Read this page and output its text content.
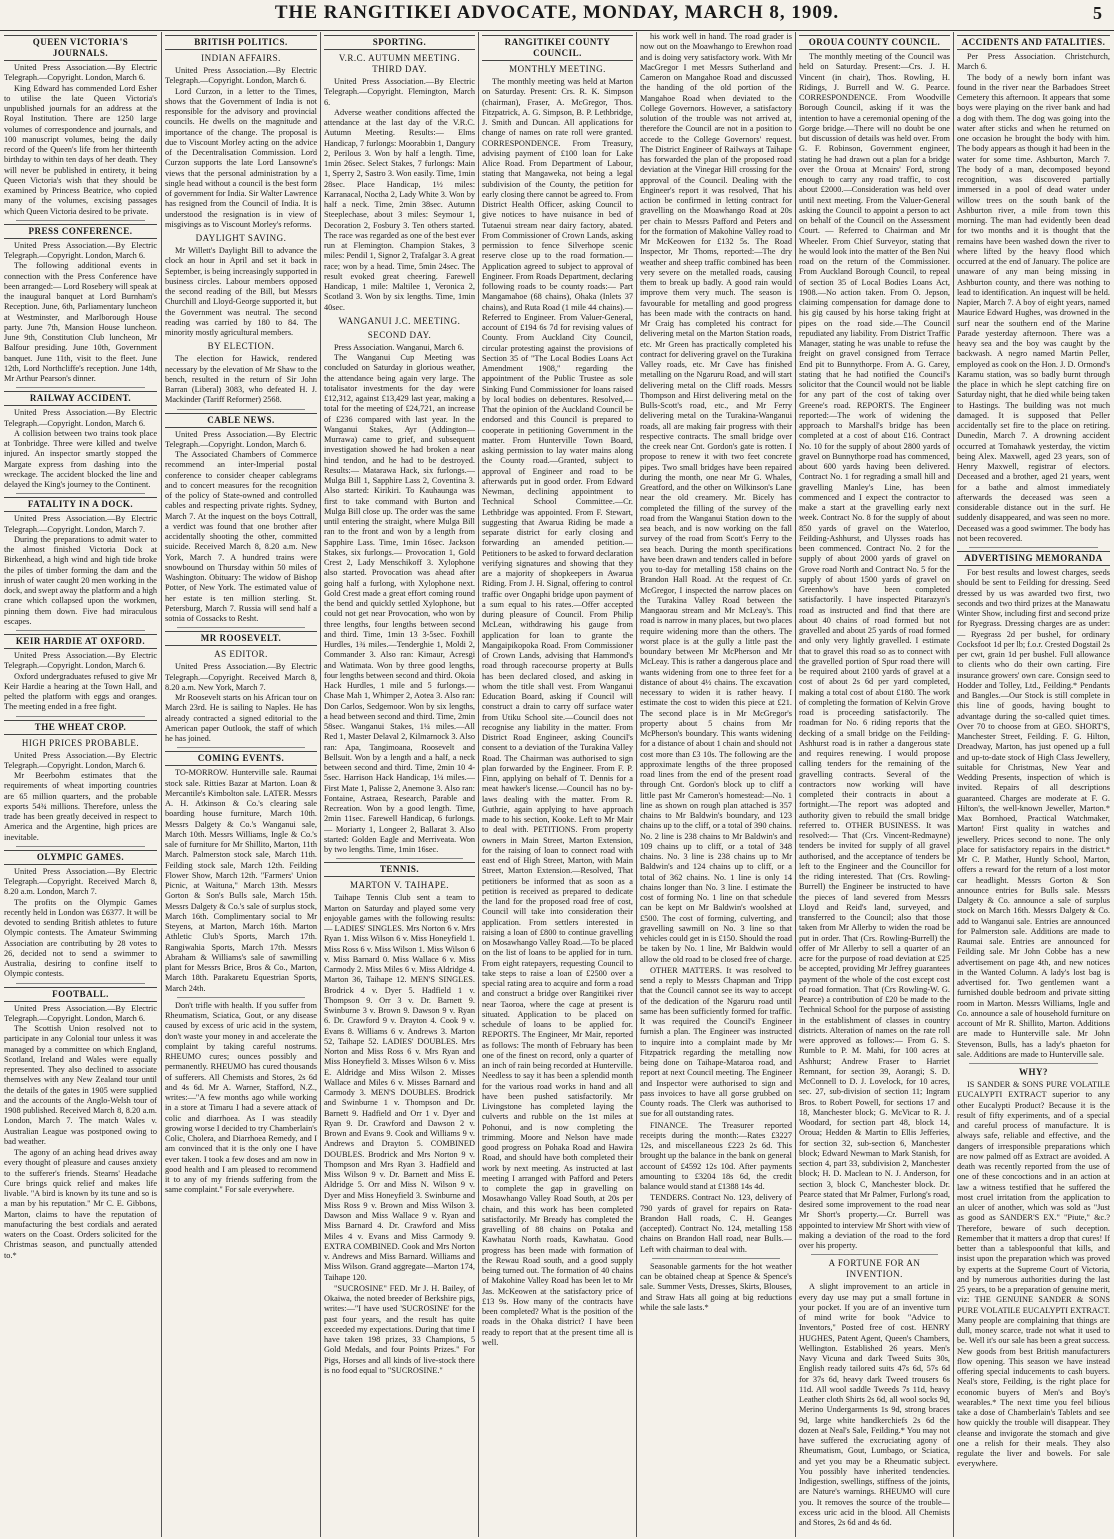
THE RANGITIKEI ADVOCATE, MONDAY, MARCH 8, 1909.	5
QUEEN VICTORIA'S JOURNALS.

United Press Association.—By Electric Telegraph.—Copyright. London, March 6.

King Edward has commended Lord Esher to utilise the late Queen Victoria's unpublished journals for an address at the Royal Institution. There are 1250 large volumes of correspondence and journals, and 100 manuscript volumes, being the daily record of the Queen's life from her thirteenth birthday to within ten days of her death. They will never be published in entirety, it being Queen Victoria's wish that they should be examined by Princess Beatrice, who copied many of the volumes, excising passages which Queen Victoria desired to be private.

PRESS CONFERENCE.

United Press Association.—By Electric Telegraph.—Copyright. London, March 6.

The following additional events in connection with the Press Conference have been arranged:— Lord Rosebery will speak at the inaugural banquet at Lord Burnham's Reception. June, 6th, Parliamentary luncheon at Westminster, and Marlborough House party. June 7th, Mansion House luncheon. June 9th, Constitution Club luncheon, Mr Balfour presiding. June 10th, Government banquet. June 11th, visit to the fleet. June 12th, Lord Northcliffe's reception. June 14th, Mr Arthur Pearson's dinner.

RAILWAY ACCIDENT.

United Press Association.—By Electric Telegraph.—Copyright. London, March 6.

A collision between two trains took place at Tonbridge. Three were killed and twelve injured. An inspector smartly stopped the Margate express from dashing into the wreckage. The accident blocked the line and delayed the King's journey to the Continent.

FATALITY IN A DOCK.

United Press Association.—By Electric Telegraph.—Copyright. London, March 7.

During the preparations to admit water to the almost finished Victoria Dock at Birkenhead, a high wind and high tide broke the piles of timber forming the dam and the inrush of water caught 20 men working in the dock, and swept away the platform and a high crane which collapsed upon the workmen, pinning them down. Five had miraculous escapes.

KEIR HARDIE AT OXFORD.

United Press Association.—By Electric Telegraph.—Copyright. London, March 6.

Oxford undergraduates refused to give Mr Keir Hardie a hearing at the Town Hall, and pelted the platform with eggs and oranges. The meeting ended in a free fight.

THE WHEAT CROP.
HIGH PRICES PROBABLE.

United Press Association.—By Electric Telegraph.—Copyright. London, March 6.

Mr Beerbohm estimates that the requirements of wheat importing countries are 65 million quarters, and the probable exports 54¾ millions. Therefore, unless the trade has been greatly deceived in respect to America and the Argentine, high prices are inevitable.

OLYMPIC GAMES.

United Press Association.—By Electric Telegraph.—Copyright. Received March 8, 8.20 a.m. London, March 7.

The profits on the Olympic Games recently held in London was £6377. It will be devoted to sending British athletes to future Olympic contests. The Amateur Swimming Association are contributing by 28 votes to 26, decided not to send a swimmer to Australia, desiring to confine itself to Olympic contests.

FOOTBALL.

United Press Association.—By Electric Telegraph.—Copyright. London, March 6.

The Scottish Union resolved not to participate in any Colonial tour unless it was managed by a committee on which England, Scotland, Ireland and Wales were equally represented. They also declined to associate themselves with any New Zealand tour until the details of the gates in 1905 were supplied and the accounts of the Anglo-Welsh tour of 1908 published. Received March 8, 8.20 a.m. London, March 7. The match Wales v. Australian League was postponed owing to bad weather.

The agony of an aching head drives away every thought of pleasure and causes anxiety to the sufferer's friends. Stearns' Headache Cure brings quick relief and makes life livable. "A bird is known by its tune and so is a man by his reputation." Mr C. E. Gibbons, Marton, claims to have the reputation of manufacturing the best cordials and aerated waters on the Coast. Orders solicited for the Christmas season, and punctually attended to.*

BRITISH POLITICS.
INDIAN AFFAIRS.

United Press Association.—By Electric Telegraph.—Copyright. London, March 6.

Lord Curzon, in a letter to the Times, shows that the Government of India is not responsible for the advisory and provincial councils. He dwells on the magnitude and importance of the change. The proposal is due to Viscount Morley acting on the advice of the Decentralisation Commission. Lord Curzon supports the late Lord Lansowne's views that the personal administration by a single head without a council is the best form of government for India. Sir Walter Lawrence has resigned from the Council of India. It is understood the resignation is in view of misgivings as to Viscount Morley's reforms.

DAYLIGHT SAVING.

Mr Willett's Daylight Bill to advance the clock an hour in April and set it back in September, is being increasingly supported in business circles. Labour members opposed the second reading of the Bill, but Messrs Churchill and Lloyd-George supported it, but the Government was neutral. The second reading was carried by 180 to 84. The minority mostly agricultural members.

BY ELECTION.

The election for Hawick, rendered necessary by the elevation of Mr Shaw to the bench, resulted in the return of Sir John Barran (Liberal) 3083, who defeated H. J. Mackinder (Tariff Reformer) 2568.

CABLE NEWS.

United Press Association.—By Electric Telegraph.—Copyright. London, March 6.

The Associated Chambers of Commerce recommend an inter-Imperial postal conference to consider cheaper cablegrams and to concert measures for the recognition of the policy of State-owned and controlled cables and respecting private rights. Sydney, March 7. At the inquest on the boys Cottrall, a verdict was found that one brother after accidentally shooting the other, committed suicide. Received March 8, 8.20 a.m. New York, March 7. A hundred trains were snowbound on Thursday within 50 miles of Washington. Obituary: The widow of Bishop Potter, of New York. The estimated value of her estate is ten million sterling. St. Petersburg, March 7. Russia will send half a sotnia of Cossacks to Resht.

MR ROOSEVELT.
AS EDITOR.

United Press Association.—By Electric Telegraph.—Copyright. Received March 8, 8.20 a.m. New York, March 7.

Mr Roosevelt starts on his African tour on March 23rd. He is sailing to Naples. He has already contracted a signed editorial to the American paper Outlook, the staff of which he has joined.

COMING EVENTS.

TO-MORROW. Hunterville sale. Raumai stock sale. Ritties Bazar at Marton. Loan & Mercantile's Kimbolton sale. LATER. Messrs A. H. Atkinson & Co.'s clearing sale boarding house furniture, March 10th. Messrs Dalgety & Co.'s Wanganui sale, March 10th. Messrs Williams, Ingle & Co.'s sale of furniture for Mr Shillito, Marton, 11th March. Palmerston stock sale, March 11th. Feilding stock sale, March 12th. Feilding Flower Show, March 12th. "Farmers' Union Picnic, at Waituna," March 13th. Messrs Gorton & Son's Bulls sale, March 15th. Messrs Dalgety & Co.'s sale of surplus stock, March 16th. Complimentary social to Mr Steyens, at Marton, March 16th. Marton Athletic Club's Sports, March 17th. Rangiwahia Sports, March 17th. Messrs Abraham & Williams's sale of sawmilling plant for Messrs Brice, Bros & Co., Marton, March 18th. Parakaretu Equestrian Sports, March 24th.

Don't trifle with health. If you suffer from Rheumatism, Sciatica, Gout, or any disease caused by excess of uric acid in the system, don't waste your money in and accelerate the complaint by taking careful nostrums. RHEUMO cures; ounces possibly and permanently. RHEUMO has cured thousands of sufferers. All Chemists and Stores, 2s 6d and 4s 6d. Mr A. Warner, Stafford, N.Z., writes:—"A few months ago while working in a store at Timaru I had a severe attack of colic and diarrhoea. As I was steadily growing worse I decided to try Chamberlain's Colic, Cholera, and Diarrhoea Remedy, and I am convinced that it is the only one I have ever taken. I took a few doses and am now in good health and I am pleased to recommend it to any of my friends suffering from the same complaint." For sale everywhere.

SPORTING.
V.R.C. AUTUMN MEETING. THIRD DAY.

United Press Association.—By Electric Telegraph.—Copyright. Flemington, March 6.

Adverse weather conditions affected the attendance at the last day of the V.R.C. Autumn Meeting. Results:— Elms Handicap, 7 furlongs: Moorabbin 1, Dangury 2, Perilous 3. Won by half a length. Time, 1min 26sec. Select Stakes, 7 furlongs: Main 1, Sperry 2, Sastro 3. Won easily. Time, 1min 28sec. Place Handicap, 1½ miles: Karranacal, Noctha 2, Lady White 3. Won by half a neck. Time, 2min 38sec. Autumn Steeplechase, about 3 miles: Seymour 1, Decoration 2, Fosbury 3. Ten others started. The race was regarded as one of the best ever run at Flemington. Champion Stakes, 3 miles: Pendil 1, Signor 2, Trafalgar 3. A great race; won by a head. Time, 5min 24sec. The result evoked great cheering. Farewell Handicap, 1 mile: Maltilee 1, Veronica 2, Scotland 3. Won by six lengths. Time, 1min 40sec.

WANGANUI J.C. MEETING.
SECOND DAY.

Press Association. Wanganui, March 6.

The Wanganui Cup Meeting was concluded on Saturday in glorious weather, the attendance being again very large. The totalisator investments for the day were £12,312, against £13,429 last year, making a total for the meeting of £24,721, an increase of £236 compared with last year. In the Wanganui Stakes, Ayr (Addington—Murrawa) came to grief, and subsequent investigation showed he had broken a near hind tendon, and he had to be destroyed. Results:— Matarawa Hack, six furlongs.— Mulga Bill 1, Sapphire Lass 2, Coventina 3. Also started: Kirikiri. To Kauhaunga was first to take command with Burton and Mulga Bill close up. The order was the same until entering the straight, where Mulga Bill ran to the front and won by a length from Sapphire Lass. Time, 1min 16sec. Jackson Stakes, six furlongs.— Provocation 1, Gold Crest 2, Lady Menschikoff 3. Xylophone also started. Provocation was ahead after going half a furlong, with Xylophone next. Gold Crest made a great effort coming round the bend and quickly settled Xylophone, but could not get near Provocation, who won by three lengths, four lengths between second and third. Time, 1min 13 3-5sec. Foxhill Hurdles, 1¾ miles.—Tenderghie 1, Moldi 2, Commander 3. Also ran: Kimaur, Acresgi and Watimata. Won by three good lengths, four lengths between second and third. Okoia Hack Hurdles, 1 mile and 5 furlongs.—Chase Mah 1, Whimper 2, Aotea 3. Also ran: Don Carlos, Sedgemoor. Won by six lengths, a head between second and third. Time, 2min 58sec. Wanganui Stakes, 1¼ miles.—All Red 1, Master Delaval 2, Kilmarnock 3. Also ran: Apa, Tangimoana, Roosevelt and Bellsuit. Won by a length and a half, a neck between second and third. Time, 2min 10 4-5sec. Harrison Hack Handicap, 1¼ miles.—First Mate 1, Palisse 2, Anemone 3. Also ran: Fontaine, Astraea, Research, Parable and Recreation. Won by a good length. Time, 2min 11sec. Farewell Handicap, 6 furlongs.— Moriarty 1, Longeer 2, Ballarat 3. Also started: Golden Eagle and Merriveata. Won by two lengths. Time, 1min 16sec.

TENNIS.
MARTON V. TAIHAPE.

Taihape Tennis Club sent a team to Marton on Saturday and played some very enjoyable games with the following results:— LADIES' SINGLES. Mrs Norton 6 v. Mrs Ryan 1. Miss Wilson 6 v. Miss Honeyfield 1. Miss Ross 6 v. Miss Wilson 1. Miss Wilson 6 v. Miss Barnard 0. Miss Wallace 6 v. Miss Carmody 2. Miss Miles 6 v. Miss Aldridge 4. Marton 36, Taihape 12. MEN'S SINGLES. Brodrick 4 v. Dyer 5. Hadfield 1 v. Thompson 9. Orr 3 v. Dr. Barnett 9. Swinburne 3 v. Brown 9. Dawson 9 v. Ryan 6. Dr. Crawford 9 v. Drayton 4. Cook 9 v. Evans 8. Williams 6 v. Andrews 3. Marton 52, Taihape 52. LADIES' DOUBLES. Mrs Norton and Miss Ross 6 v. Mrs Ryan and Miss Honeyfield 3. Misses Wilson 6 v. Miss E. Aldridge and Miss Wilson 2. Misses Wallace and Miles 6 v. Misses Barnard and Carmody 3. MEN'S DOUBLES. Brodrick and Swinburne 1 v. Thompson and Dr. Barnett 9. Hadfield and Orr 1 v. Dyer and Ryan 9. Dr. Crawford and Dawson 2 v. Brown and Evans 9. Cook and Williams 9 v. Andrews and Drayton 5. COMBINED DOUBLES. Brodrick and Mrs Norton 9 v. Thompson and Mrs Ryan 3. Hadfield and Miss Wilson 9 v. Dr. Barnett and Miss E. Aldridge 5. Orr and Miss N. Wilson 9 v. Dyer and Miss Honeyfield 3. Swinburne and Miss Ross 9 v. Brown and Miss Wilson 3. Dawson and Miss Wallace 9 v. Ryan and Miss Barnard 4. Dr. Crawford and Miss Miles 4 v. Evans and Miss Carmody 9. EXTRA COMBINED. Cook and Mrs Norton v. Andrews and Miss Barnard. Williams and Miss Wilson. Grand aggregate—Marton 174, Taihape 120.

"SUCROSINE" FED. Mr J. H. Bailey, of Okaiwa, the noted breeder of Berkshire pigs, writes:—"I have used 'SUCROSINE' for the past four years, and the result has quite exceeded my expectations. During that time I have taken 198 prizes, 33 Champions, 5 Gold Medals, and four Points Prizes." For Pigs, Horses and all kinds of live-stock there is no food equal to "SUCROSINE."

RANGITIKEI COUNTY COUNCIL.
MONTHLY MEETING.

The monthly meeting was held at Marton on Saturday. Present: Crs. R. K. Simpson (chairman), Fraser, A. McGregor, Thos. Fitzpatrick, A. G. Simpson, B. P. Lethbridge, J. Smith and Duncan. All applications for change of names on rate roll were granted. CORRESPONDENCE. From Treasury, advising payment of £100 loan for Lake Alice Road. From Department of Labour, stating that Mangaweka, not being a legal subdivision of the County, the petition for early closing there cannot be agreed to. From District Health Officer, asking Council to give notices to have nuisance in bed of Tutaenui stream near dairy factory, abated. From Commissioner of Crown Lands, asking permission to fence Silverhope scenic reserve close up to the road formation.—Application agreed to subject to approval of Engineer. From Roads Department, declaring following roads to be county roads:— Part Mangamahoe (68 chains), Ohaka (Inlets 37 chains), and Ruta Road (1 mile 44 chains).—Referred to Engineer. From Valuer-General, account of £194 6s 7d for revising values of County. From Auckland City Council, circular protesting against the provisions of Section 35 of "The Local Bodies Loans Act Amendment 1908," regarding the appointment of the Public Trustee as sole Sinking Fund Commissioner for loans raised by local bodies on debentures. Resolved,—That the opinion of the Auckland Council be endorsed and this Council is prepared to cooperate in petitioning Government in the matter. From Hunterville Town Board, asking permission to lay water mains along the County road.—Granted, subject to approval of Engineer and road to be afterwards put in good order. From Edward Newman, declining appointment to Technical School Committee.—Cr. Lethbridge was appointed. From F. Stewart, suggesting that Awarua Riding be made a separate district for early closing and forwarding an amended petition.—Petitioners to be asked to forward declaration verifying signatures and showing that they are a majority of shopkeepers in Awarua Riding. From J. H. Signal, offering to control traffic over Ongaphi bridge upon payment of a sum equal to his rates.—Offer accepted during pleasure of Council. From Philip McLean, withdrawing his gauge from application for loan to grante the Mangaipikopoka Road. From Commissioner of Crown Lands, advising that Hammond's road through racecourse property at Bulls has been declared closed, and asking in whom the title shall vest. From Wanganui Education Board, asking if Council will construct a drain to carry off surface water from Utiku School site.—Council does not recognise any liability in the matter. From District Road Engineer, asking Council's consent to a deviation of the Turakina Valley Road. The Chairman was authorised to sign plan forwarded by the Engineer. From F. P. Finn, applying on behalf of T. Dennis for a meat hawker's license.—Council has no by-laws dealing with the matter. From R. Guthrie, again applying to have approach made to his section, Kooke. Left to Mr Mair to deal with. PETITIONS. From property owners in Main Street, Marton Extension, for the raising of loan to connect road with east end of High Street, Marton, with Main Street, Marton Extension.—Resolved, That petitioners be informed that as soon as a petition is received as prepared to dedicate the land for the proposed road free of cost, Council will take into consideration their application. From settlers interested in raising a loan of £800 to continue gravelling on Mosawhango Valley Road.—To be placed on the list of loans to be applied for in turn. From eight ratepayers, requesting Council to take steps to raise a loan of £2500 over a special rating area to acquire and form a road and construct a bridge over Rangitikei river near Taoroa, where the cage at present is situated. Application to be placed on schedule of loans to be applied for. REPORTS. The Engineer, Mr Mair, reported as follows: The month of February has been one of the finest on record, only a quarter of an inch of rain being recorded at Hunterville. Needless to say it has been a splendid month for the various road works in hand and all have been pushed satisfactorily. Mr Livingstone has completed laying the culverts and rubble on the 1st miles at Pohonui, and is now completing the trimming. Moore and Nelson have made good progress on Pohaka Road and Hawira Road, and should have both completed their work by next meeting. As instructed at last meeting I arranged with Pafford and Peters to complete the gap in gravelling on Mosawhango Valley Road South, at 20s per chain, and this work has been completed satisfactorily. Mr Bready has completed the gravelling of 88 chains on Potaka and Kawhatau North roads, Kawhatau. Good progress has been made with formation of the Rewau Road south, and a good supply being turned out. The formation of 40 chains of Makohine Valley Road has been let to Mr Jas. McKeowen at the satisfactory price of £13 9s. How many of the contracts have been completed? What is the position of the roads in the Ohaka district? I have been ready to report that at the present time all is well.

his work well in hand. The road grader is now out on the Moawhango to Erewhon road and is doing very satisfactory work. With Mr MacGregor I met Messrs Sutherland and Cameron on Mangahoe Road and discussed the handing of the old portion of the Mangahoe Road when deviated to the College Governors. However, a satisfactory solution of the trouble was not arrived at, therefore the Council are not in a position to accede to the College Governors' request. The District Engineer of Railways at Taihape has forwarded the plan of the proposed road deviation at the Vinegar Hill crossing for the approval of the Council. Dealing with the Engineer's report it was resolved, That his action be confirmed in letting contract for gravelling on the Moawhango Road at 20s per chain to Messrs Pafford and Peters and for the formation of Makohine Valley road to Mr McKeowen for £132 5s. The Road Inspector, Mr Thoms, reported:—The dry weather and sheep traffic combined has been very severe on the metalled roads, causing them to break up badly. A good rain would improve them very much. The season is favourable for metalling and good progress has been made with the contracts on hand. Mr Craig has completed his contract for delivering metal on the Marton Station roads, etc. Mr Green has practically completed his contract for delivering gravel on the Turakina Valley roads, etc. Mr Cave has finished metalling on the Ngaruru Road, and will start delivering metal on the Cliff roads. Messrs Thompson and Hirst delivering metal on the Bulls-Scott's road, etc., and Mr Ferry delivering metal on the Turakina-Wanganui roads, all are making fair progress with their respective contracts. The small bridge over the creek near Cnt. Gordon's gate is rotten. I propose to renew it with two feet concrete pipes. Two small bridges have been repaired during the month, one near Mr G. Whales, Greatford, and the other on Wilkinson's Lane near the old creamery. Mr. Bicely has completed the filling of the survey of the road from the Wanganui Station down to the sea beach, and is now working on the fall survey of the road from Scott's Ferry to the sea beach. During the month specifications have been drawn and tenders called in before you to-day for metalling 158 chains on the Brandon Hall Road. At the request of Cr. McGregor, I inspected the narrow places on the Turakina Valley Road between the Mangaorau stream and Mr McLeay's. This road is narrow in many places, but two places require widening more than the others. The worst place is at the gully a little past the boundary between Mr McPherson and Mr McLeay. This is rather a dangerous place and wants widening from one to three feet for a distance of about 4½ chains. The excavation necessary to widen it is rather heavy. I estimate the cost to widen this piece at £21. The second place is in Mr McGregor's property about 5 chains from Mr McPherson's boundary. This wants widening for a distance of about 1 chain and should not cost more than £3 10s. The following are the approximate lengths of the three proposed road lines from the end of the present road through Cnt. Gordon's block up to cliff a little past Mr Cameron's homestead:—No. 1 line as shown on rough plan attached is 357 chains to Mr Baldwin's boundary, and 123 chains up to the cliff, or a total of 390 chains. No. 2 line is 238 chains to Mr Baldwin's and 109 chains up to cliff, or a total of 348 chains. No. 3 line is 238 chains up to Mr Baldwin's and 124 chains up to cliff, or a total of 362 chains. No. 1 line is only 14 chains longer than No. 3 line. I estimate the cost of forming No. 1 line on that schedule can be kept on Mr Baldwin's woolshed at £500. The cost of forming, culverting, and gravelling sawmill on No. 3 line so that vehicles could get in is £150. Should the road be taken by No. 1 line, Mr Baldwin would allow the old road to be closed free of charge.

OTHER MATTERS. It was resolved to send a reply to Messrs Chapman and Tripp that the Council cannot see its way to accept of the dedication of the Ngaruru road until same has been sufficiently formed for traffic. It was required the Council's Engineer furnish a plan. The Engineer was instructed to inquire into a complaint made by Mr Fitzpatrick regarding the metalling now being done on Taihape-Mataroa road, and report at next Council meeting. The Engineer and Inspector were authorised to sign and pass invoices to have all gorse grubbed on County roads. The Clerk was authorised to sue for all outstanding rates.

FINANCE. The Treasurer reported receipts during the month:—Rates £3227 12s, and miscellaneous £223 2s 6d. This brought up the balance in the bank on general account of £4592 12s 10d. After payments amounting to £3204 18s 6d, the credit balance would stand at £1388 14s 4d.

TENDERS. Contract No. 123, delivery of 790 yards of gravel for repairs on Rata-Brandon Hall roads, C. H. Geanges (accepted). Contract No. 124, metalling 158 chains on Brandon Hall road, near Bulls.—Left with chairman to deal with.

Seasonable garments for the hot weather can be obtained cheap at Spence & Spence's sale. Summer Vests, Dresses, Skirts, Blouses, and Straw Hats all going at big reductions while the sale lasts.*

OROUA COUNTY COUNCIL.

The monthly meeting of the Council was held on Saturday. Present:—Crs. J. H. Vincent (in chair), Thos. Rowling, H. Ridings, J. Burrell and W. G. Pearce. CORRESPONDENCE. From Woodville Borough Council, asking if it was the intention to have a ceremonial opening of the Gorge bridge.—There will no doubt be one but discussion of details was held over. From G. F. Robinson, Government engineer, stating he had drawn out a plan for a bridge over the Oroua at Mcnairs' Ford, strong enough to carry any road traffic, to cost about £2000.—Consideration was held over until next meeting. From the Valuer-General asking the Council to appoint a person to act on behalf of the Council on the Assessment Court. — Referred to Chairman and Mr Wheeler. From Chief Surveyor, stating that he would look into the matter of the Ben Nui road on the return of the Commissioner. From Auckland Borough Council, to repeal of section 35 of Local Bodies Loans Act, 1908.—No action taken. From O. Jepson, claiming compensation for damage done to his gig caused by his horse taking fright at pipes on the road side.—The Council repudiated any liability. From District Traffic Manager, stating he was unable to refuse the freight on gravel consigned from Terrace End pit to Bunnythorpe. From A. G. Carey, stating that he had notified the Council's solicitor that the Council would not be liable for any part of the cost of taking over Greene's road. REPORTS. The Engineer reported:—The work of widening the approach to Marshall's bridge has been completed at a cost of about £16. Contract No. 10 for the supply of about 2800 yards of gravel on Bunnythorpe road has commenced, about 600 yards having been delivered. Contract No. 1 for regrading a small hill and gravelling Manley's Line, has been commenced and I expect the contractor to make a start at the gravelling early next week. Contract No. 8 for the supply of about 850 yards of gravel on the Waterloo, Feilding-Ashhurst, and Ulysses roads has been commenced. Contract No. 2 for the supply of about 2000 yards of gravel on Grove road North and Contract No. 5 for the supply of about 1500 yards of gravel on Greenhow's have been completed satisfactorily. I have inspected Pitarazyn's road as instructed and find that there are about 40 chains of road formed but not gravelled and about 25 yards of road formed and only very lightly gravelled. I estimate that to gravel this road so as to connect with the gravelled portion of Spur road there will be required about 2100 yards of gravel at a cost of about 2s 6d per yard completed, making a total cost of about £180. The work of completing the formation of Kelvin Grove road is proceeding satisfactorily. The roadman for No. 6 riding reports that the decking of a small bridge on the Feilding-Ashhurst road is in rather a dangerous state and requires renewing. I would propose calling tenders for the remaining of the gravelling contracts. Several of the contractors now working will have completed their contracts in about a fortnight.—The report was adopted and authority given to rebuild the small bridge referred to. OTHER BUSINESS. It was resolved:— That (Crs. Vincent-Redmayne) tenders be invited for supply of all gravel authorised, and the acceptance of tenders be left to the Engineer and the Councillor for the riding interested. That (Crs. Rowling-Burrell) the Engineer be instructed to have the pieces of land severed from Messrs Lloyd and Reid's land, surveyed, and transferred to the Council; also that those taken from Mr Allerby to widen the road be put in order. That (Crs. Rowling-Burrell) the offer of Mr Allerby to sell a quarter of an acre for the purpose of road deviation at £25 be accepted, providing Mr Jeffrey guarantees payment of the whole of the cost except cost of road formation. That (Crs Rowling-W. G. Pearce) a contribution of £20 be made to the Technical School for the purpose of assisting in the establishment of classes in country districts. Alteration of names on the rate roll were approved as follows:— From G. S. Rumble to P. M. Mahi, for 100 acres at Ashhurst; Andrew Fraser to Harriet Remnant, for section 39, Aorangi; S. D. McConnell to D. J. Lovelock, for 10 acres, sec. 27, sub-division of section 11; Ingram Bros. to Robert Powell, for sections 17 and 18, Manchester block; G. McVicar to R. J. Woodard, for section part 48, block 14, Oroua; Hedden & Martin to Ellis Jefferies, for section 32, sub-section 6, Manchester block; Edward Newman to Mark Stanish, for section 4, part 33, subdivision 2, Manchester block; H. D. Maclean to N. J. Anderson, for section 3, block C, Manchester block. Dr. Pearce stated that Mr Palmer, Furlong's road, desired some improvement to the road near Mr Short's property.—Cr. Burrell was appointed to interview Mr Short with view of making a deviation of the road to the ford over his property.

A FORTUNE FOR AN INVENTION.

A slight improvement to an article in every day use may put a small fortune in your pocket. If you are of an inventive turn of mind write for book "Advice to Inventors," Posted free of cost. HENRY HUGHES, Patent Agent, Queen's Chambers, Wellington. Established 26 years. Men's Navy Vicuna and dark Tweed Suits 30s, English ready tailored suits 47s 6d, 57s 6d for 37s 6d, heavy dark Tweed trousers 6s 11d. All wool saddle Tweeds 7s 11d, heavy Leather cloth Shirts 2s 6d, all wool socks 9d, Merino Undergarments 1s 9d, strong braces 9d, large white handkerchiefs 2s 6d the dozen at Neal's Sale, Feilding.* You may not have suffered the excruciating agony of Rheumatism, Gout, Lumbago, or Sciatica, and yet you may be a Rheumatic subject. You possibly have inherited tendencies. Indigestion, swellings, stiffness of the joints, are Nature's warnings. RHEUMO will cure you. It removes the source of the trouble—excess uric acid in the blood. All Chemists and Stores, 2s 6d and 4s 6d.

ACCIDENTS AND FATALITIES.

Per Press Association. Christchurch, March 6.

The body of a newly born infant was found in the river near the Barbadoes Street Cemetery this afternoon. It appears that some boys were playing on the river bank and had a dog with them. The dog was going into the water after sticks and when he returned on one occasion he brought the body with him. The body appears as though it had been in the water for some time. Ashburton, March 7. The body of a man, decomposed beyond recognition, was discovered partially immersed in a pool of dead water under willow trees on the south bank of the Ashburton river, a mile from town this morning. The man had evidently been dead for two months and it is thought that the remains have been washed down the river to where lifted by the heavy flood which occurred at the end of January. The police are unaware of any man being missing in Ashburton county, and there was nothing to lead to identification. An inquest will be held. Napier, March 7. A boy of eight years, named Maurice Edward Hughes, was drowned in the surf near the southern end of the Marine Parade yesterday afternoon. There was a heavy sea and the boy was caught by the backwash. A negro named Martin Peller, employed as cook on the Hon. J. D. Ormond's Karamu station, was so badly burnt through the place in which he slept catching fire on Saturday night, that he died while being taken to Hastings. The building was not much damaged. It is supposed that Peller accidentally set fire to the place on retiring. Dunedin, March 7. A drowning accident occurred at Tomahawk yesterday, the victim being Alex. Maxwell, aged 23 years, son of Henry Maxwell, registrar of electors. Deceased and a brother, aged 21 years, went for a bathe and almost immediately afterwards the deceased was seen a considerable distance out in the surf. He suddenly disappeared, and was seen no more. Deceased was a good swimmer. The body has not been recovered.

ADVERTISING MEMORANDA

For best results and lowest charges, seeds should be sent to Feilding for dressing. Seed dressed by us was awarded two first, two seconds and two third prizes at the Manawatu Winter Show, including first and second prize for Ryegrass. Dressing charges are as under:— Ryegrass 2d per bushel, for ordinary Cocksfoot 1d per lb; f.o.r. Crested Dogstail 2s per cwt, grain 1d per bushel. Full allowance to clients who do their own carting. Fire insurance growers' own care. Consign seed to Hodder and Tolley, Ltd., Feilding.* Pendants and Bangles.—Our Stock is still complete in this line of goods, having bought to advantage during the so-called quiet times. Over 70 to choose from at GEO. SHORT'S, Manchester Street, Feilding. F. G. Hilton, Dreadway, Marton, has just opened up a full and up-to-date stock of High Class Jewellery, suitable for Christmas, New Year and Wedding Presents, inspection of which is invited. Repairs of all descriptions guaranteed. Charges are moderate at F. G. Hilton's, the well-known Jeweller, Marton.* Max Bornhoed, Practical Watchmaker, Marton! First quality in watches and jewellery. Prices second to none. The only place for satisfactory repairs in the district.* Mr C. P. Mather, Huntly School, Marton, offers a reward for the return of a lost motor car headlight. Messrs Gorton & Son announce entries for Bulls sale. Messrs Dalgety & Co. announce a sale of surplus stock on March 16th. Messrs Dalgety & Co. add to Wanganui sale. Entries are announced for Palmerston sale. Additions are made to Raumai sale. Entries are announced for Feilding sale. Mr John Cobbe has a new advertisement on page 4th, and new notices in the Wanted Column. A lady's lost bag is advertised for. Two gentlemen want a furnished double bedroom and private sitting room in Marton. Messrs Williams, Ingle and Co. announce a sale of household furniture on account of Mr R. Shillito, Marton. Additions are made to Hunterville sale. Mr John Stevenson, Bulls, has a lady's phaeton for sale. Additions are made to Hunterville sale.

WHY?

IS SANDER & SONS PURE VOLATILE EUCALYPTI EXTRACT superior to any other Eucalypti Product? Because it is the result of fifty experiments, and of a special and careful process of manufacture. It is always safe, reliable and effective, and the dangers of irresponsible preparations which are now palmed off as Extract are avoided. A death was recently reported from the use of one of these concoctions and in an action at law a witness testified that he suffered the most cruel irritation from the application to an ulcer of another, which was sold as "Just as good as SANDER'S EX." "Piute," &c.? Therefore, beware of such deception. Remember that it matters a drop that cures! If better than a tablespoonful that kills, and insist upon the preparation which was proved by experts at the Supreme Court of Victoria, and by numerous authorities during the last 25 years, to be a preparation of genuine merit, viz: THE GENUINE SANDER & SONS PURE VOLATILE EUCALYPTI EXTRACT. Many people are complaining that things are dull, money scarce, trade not what it used to be. Well it's our sale has been a great success. New goods from best British manufacturers flow opening. This season we have instead offering special inducements to cash buyers. Neal's store, Feilding, is the right place for economic buyers of Men's and Boy's wearables.* The next time you feel bilious take a dose of Chamberlain's Tablets and see how quickly the trouble will disappear. They cleanse and invigorate the stomach and give one a relish for their meals. They also regulate the liver and bowels. For sale everywhere.
